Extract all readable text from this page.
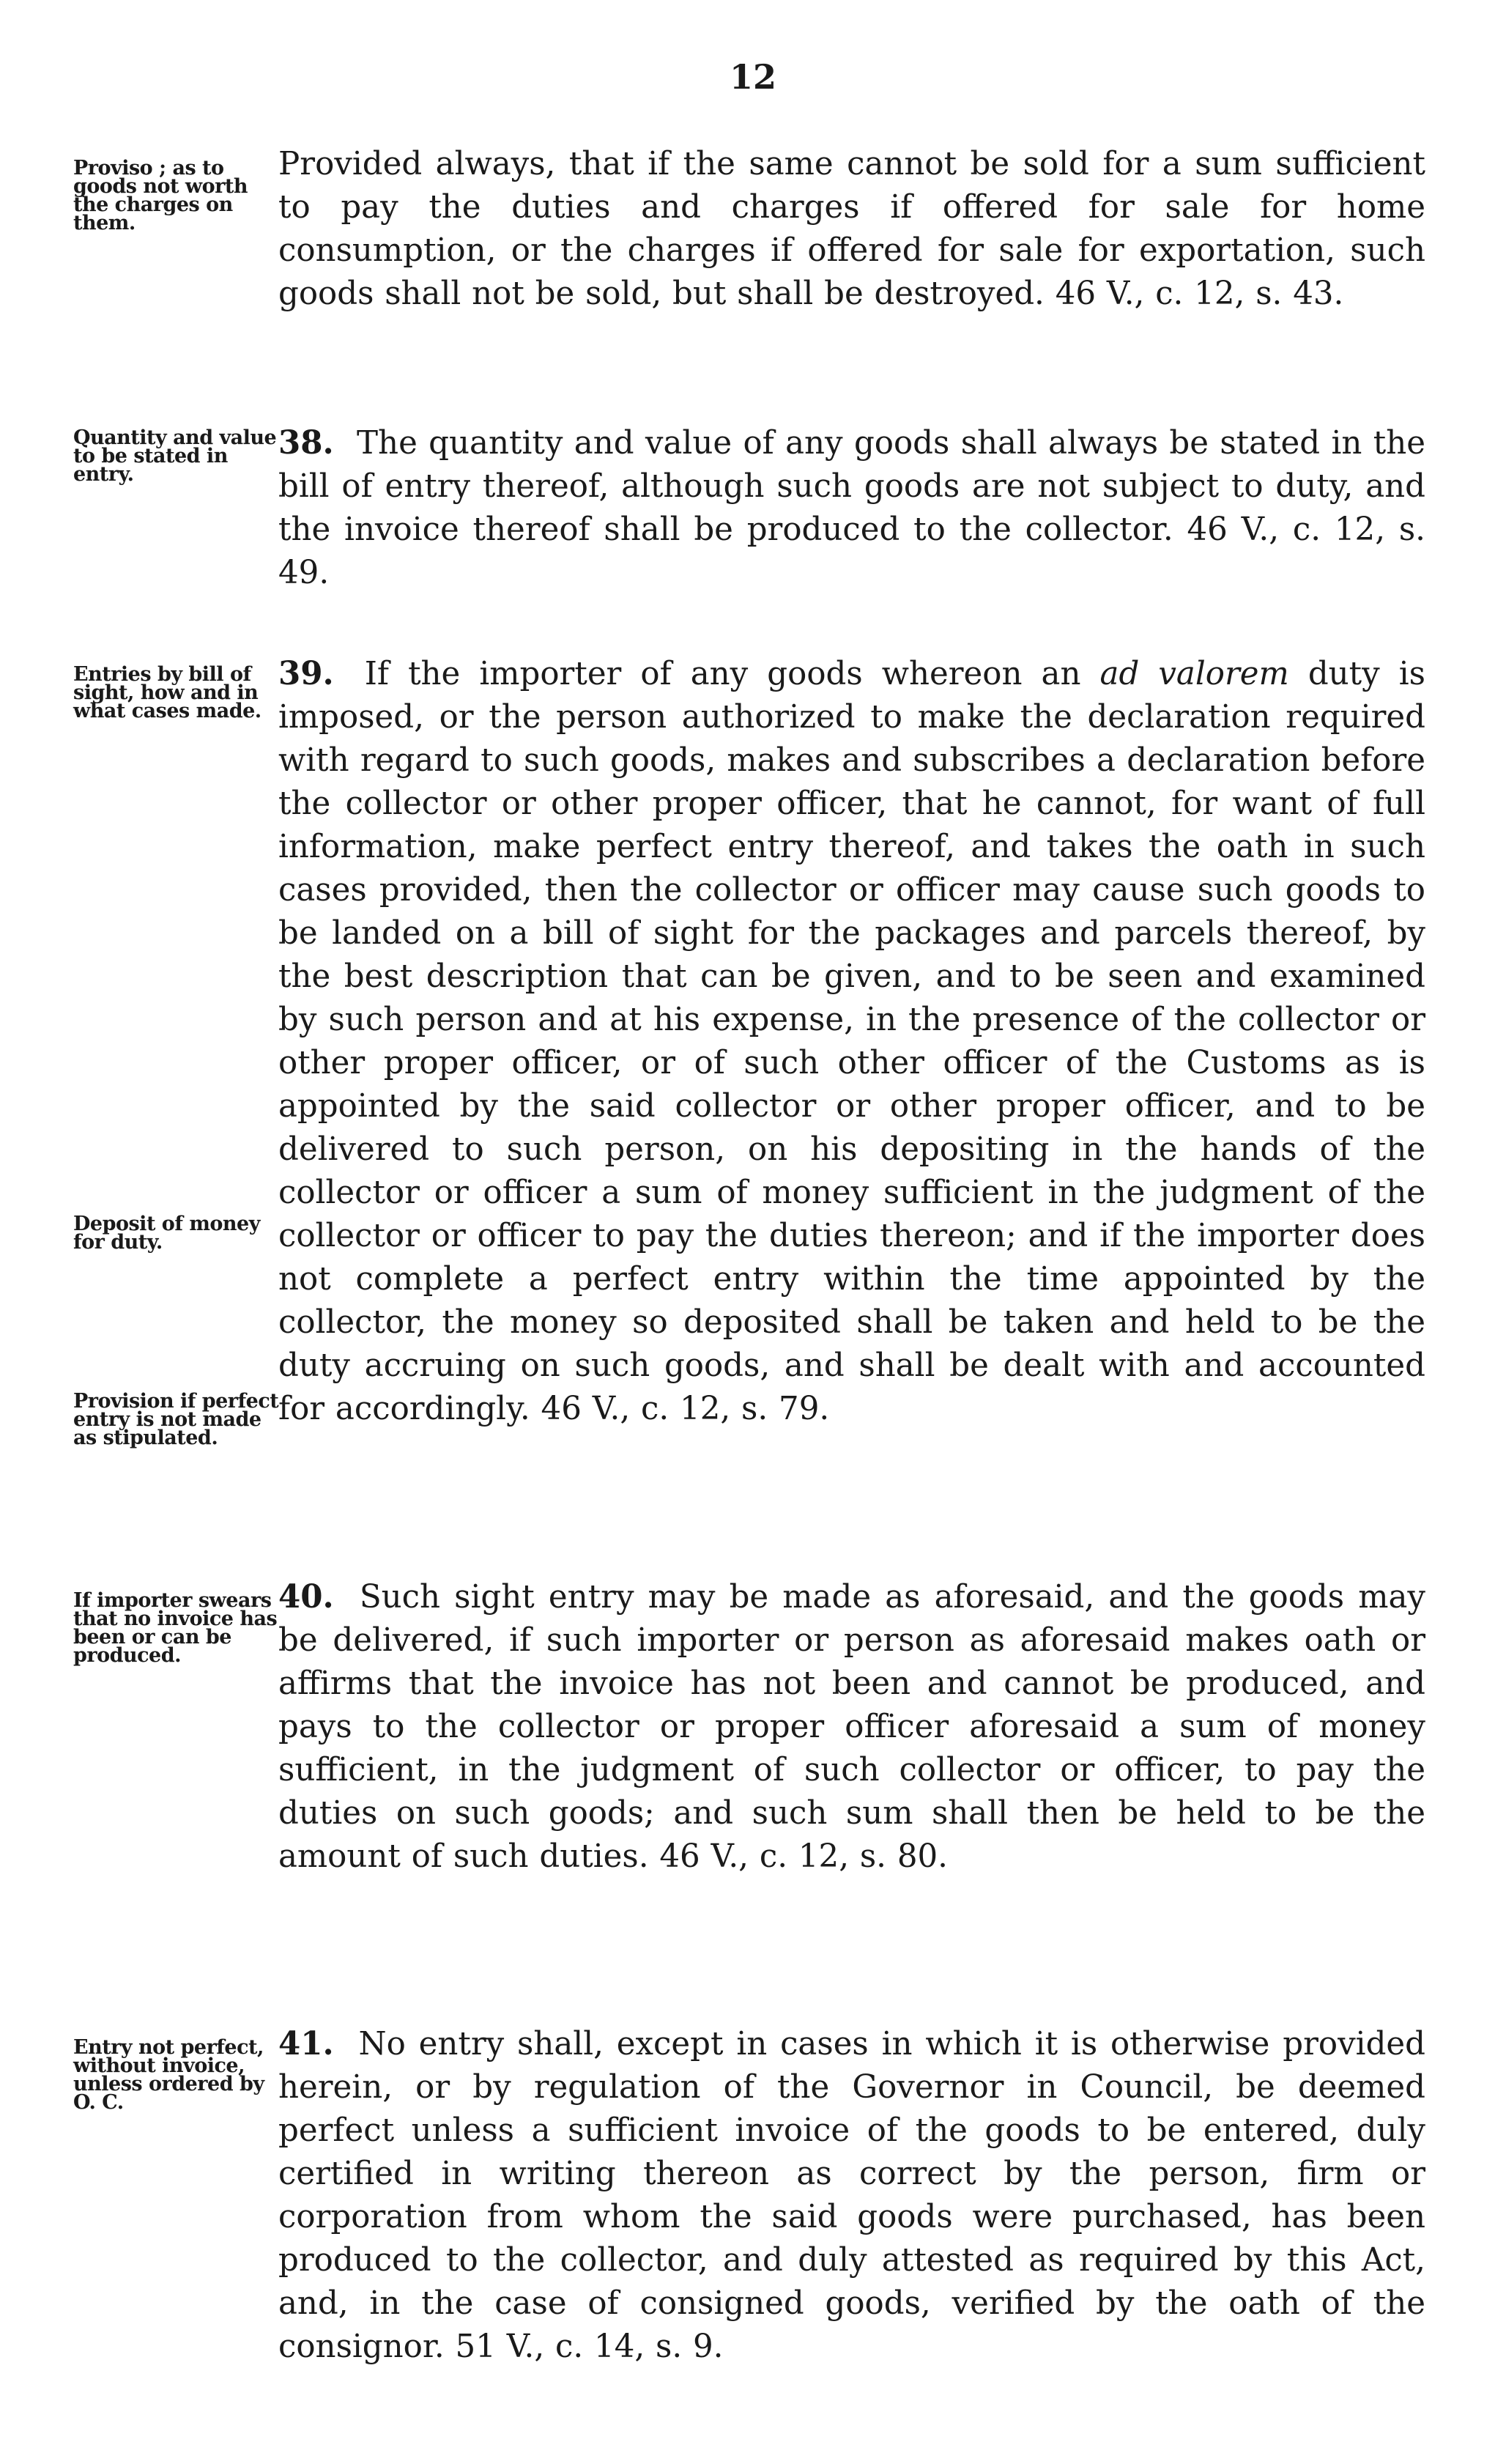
12
Proviso ; as to goods not worth the charges on them.
Provided always, that if the same cannot be sold for a sum sufficient to pay the duties and charges if offered for sale for home consumption, or the charges if offered for sale for exportation, such goods shall not be sold, but shall be destroyed. 46 V., c. 12, s. 43.
Quantity and value to be stated in entry.
38. The quantity and value of any goods shall always be stated in the bill of entry thereof, although such goods are not subject to duty, and the invoice thereof shall be produced to the collector. 46 V., c. 12, s. 49.
Entries by bill of sight, how and in what cases made.
Deposit of money for duty.
Provision if perfect entry is not made as stipulated.
39. If the importer of any goods whereon an ad valorem duty is imposed, or the person authorized to make the declaration required with regard to such goods, makes and subscribes a declaration before the collector or other proper officer, that he cannot, for want of full information, make perfect entry thereof, and takes the oath in such cases provided, then the collector or officer may cause such goods to be landed on a bill of sight for the packages and parcels thereof, by the best description that can be given, and to be seen and examined by such person and at his expense, in the presence of the collector or other proper officer, or of such other officer of the Customs as is appointed by the said collector or other proper officer, and to be delivered to such person, on his depositing in the hands of the collector or officer a sum of money sufficient in the judgment of the collector or officer to pay the duties thereon; and if the importer does not complete a perfect entry within the time appointed by the collector, the money so deposited shall be taken and held to be the duty accruing on such goods, and shall be dealt with and accounted for accordingly. 46 V., c. 12, s. 79.
If importer swears that no invoice has been or can be produced.
40. Such sight entry may be made as aforesaid, and the goods may be delivered, if such importer or person as aforesaid makes oath or affirms that the invoice has not been and cannot be produced, and pays to the collector or proper officer aforesaid a sum of money sufficient, in the judgment of such collector or officer, to pay the duties on such goods; and such sum shall then be held to be the amount of such duties. 46 V., c. 12, s. 80.
Entry not perfect, without invoice, unless ordered by O. C.
41. No entry shall, except in cases in which it is otherwise provided herein, or by regulation of the Governor in Council, be deemed perfect unless a sufficient invoice of the goods to be entered, duly certified in writing thereon as correct by the person, firm or corporation from whom the said goods were purchased, has been produced to the collector, and duly attested as required by this Act, and, in the case of consigned goods, verified by the oath of the consignor. 51 V., c. 14, s. 9.
